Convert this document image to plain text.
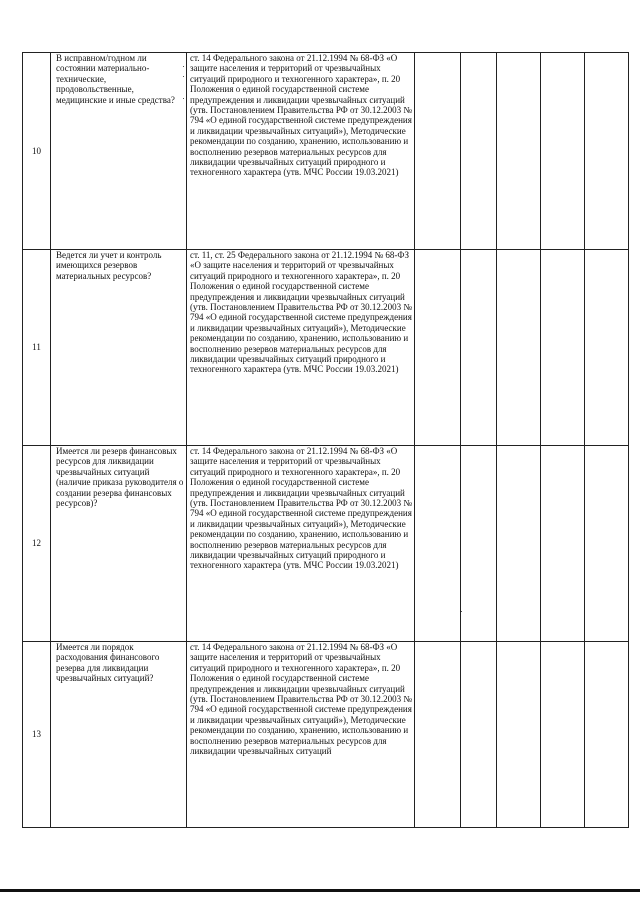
10	В исправном/годном ли состоянии материально-технические, продовольственные, медицинские и иные средства?	ст. 14 Федерального закона от 21.12.1994 № 68-ФЗ «О защите населения и территорий от чрезвычайных ситуаций природного и техногенного характера», п. 20 Положения о единой государственной системе предупреждения и ликвидации чрезвычайных ситуаций (утв. Постановлением Правительства РФ от 30.12.2003 № 794 «О единой государственной системе предупреждения и ликвидации чрезвычайных ситуаций»), Методические рекомендации по созданию, хранению, использованию и восполнению резервов материальных ресурсов для ликвидации чрезвычайных ситуаций природного и техногенного характера (утв. МЧС России 19.03.2021)					
11	Ведется ли учет и контроль имеющихся резервов материальных ресурсов?	ст. 11, ст. 25 Федерального закона от 21.12.1994 № 68-ФЗ «О защите населения и территорий от чрезвычайных ситуаций природного и техногенного характера», п. 20 Положения о единой государственной системе предупреждения и ликвидации чрезвычайных ситуаций (утв. Постановлением Правительства РФ от 30.12.2003 № 794 «О единой государственной системе предупреждения и ликвидации чрезвычайных ситуаций»), Методические рекомендации по созданию, хранению, использованию и восполнению резервов материальных ресурсов для ликвидации чрезвычайных ситуаций природного и техногенного характера (утв. МЧС России 19.03.2021)					
12	Имеется ли резерв финансовых ресурсов для ликвидации чрезвычайных ситуаций (наличие приказа руководителя о создании резерва финансовых ресурсов)?	ст. 14 Федерального закона от 21.12.1994 № 68-ФЗ «О защите населения и территорий от чрезвычайных ситуаций природного и техногенного характера», п. 20 Положения о единой государственной системе предупреждения и ликвидации чрезвычайных ситуаций (утв. Постановлением Правительства РФ от 30.12.2003 № 794 «О единой государственной системе предупреждения и ликвидации чрезвычайных ситуаций»), Методические рекомендации по созданию, хранению, использованию и восполнению резервов материальных ресурсов для ликвидации чрезвычайных ситуаций природного и техногенного характера (утв. МЧС России 19.03.2021)					
13	Имеется ли порядок расходования финансового резерва для ликвидации чрезвычайных ситуаций?	ст. 14 Федерального закона от 21.12.1994 № 68-ФЗ «О защите населения и территорий от чрезвычайных ситуаций природного и техногенного характера», п. 20 Положения о единой государственной системе предупреждения и ликвидации чрезвычайных ситуаций (утв. Постановлением Правительства РФ от 30.12.2003 № 794 «О единой государственной системе предупреждения и ликвидации чрезвычайных ситуаций»), Методические рекомендации по созданию, хранению, использованию и восполнению резервов материальных ресурсов для ликвидации чрезвычайных ситуаций					
